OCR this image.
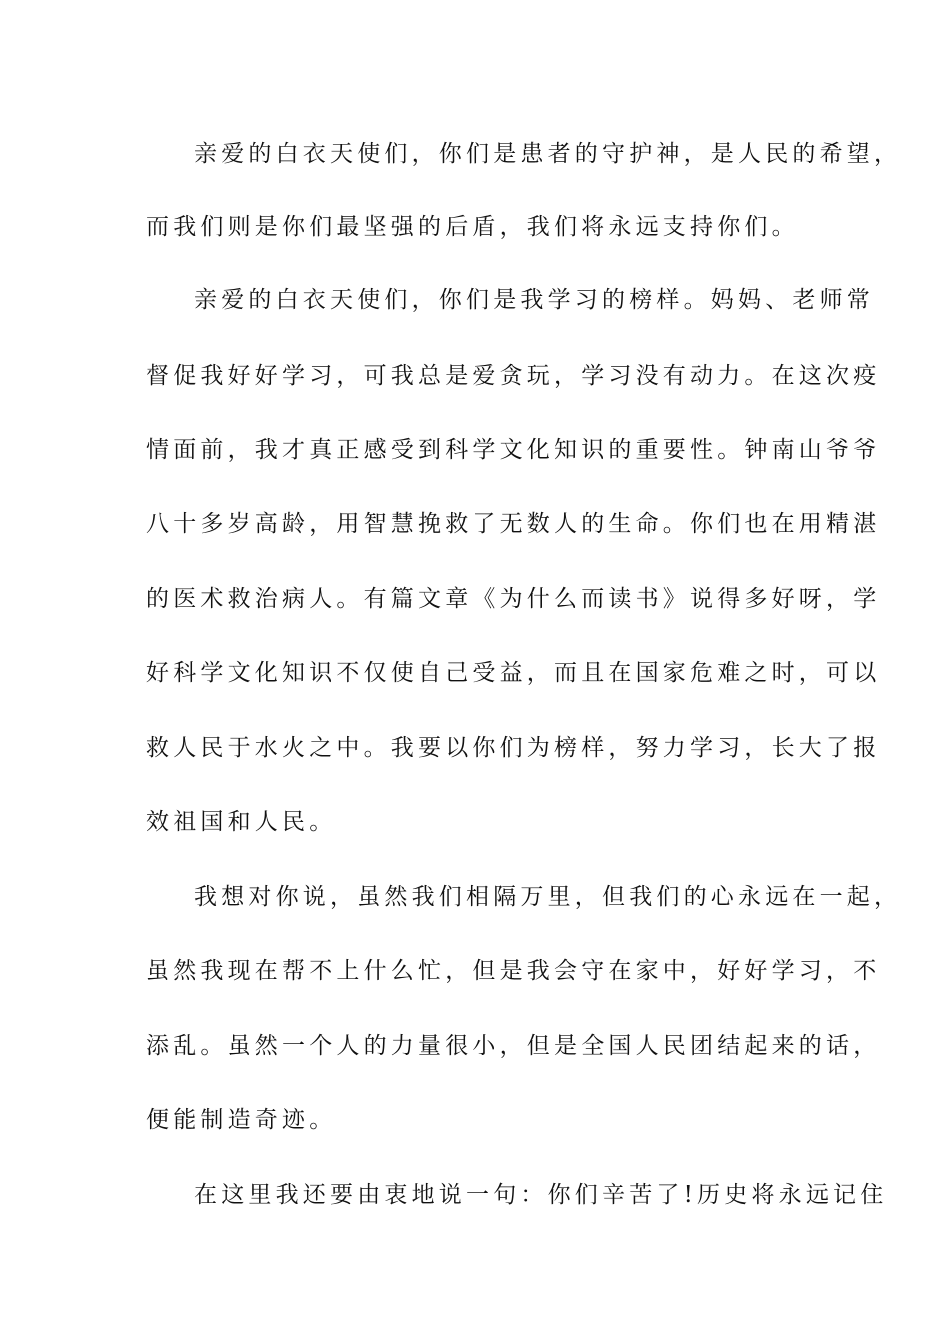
亲爱的白衣天使们，你们是患者的守护神，是人民的希望，
而我们则是你们最坚强的后盾，我们将永远支持你们。
亲爱的白衣天使们，你们是我学习的榜样。妈妈、老师常
督促我好好学习，可我总是爱贪玩，学习没有动力。在这次疫
情面前，我才真正感受到科学文化知识的重要性。钟南山爷爷
八十多岁高龄，用智慧挽救了无数人的生命。你们也在用精湛
的医术救治病人。有篇文章《为什么而读书》说得多好呀，学
好科学文化知识不仅使自己受益，而且在国家危难之时，可以
救人民于水火之中。我要以你们为榜样，努力学习，长大了报
效祖国和人民。
我想对你说，虽然我们相隔万里，但我们的心永远在一起，
虽然我现在帮不上什么忙，但是我会守在家中，好好学习，不
添乱。虽然一个人的力量很小，但是全国人民团结起来的话，
便能制造奇迹。
在这里我还要由衷地说一句：你们辛苦了!历史将永远记住
